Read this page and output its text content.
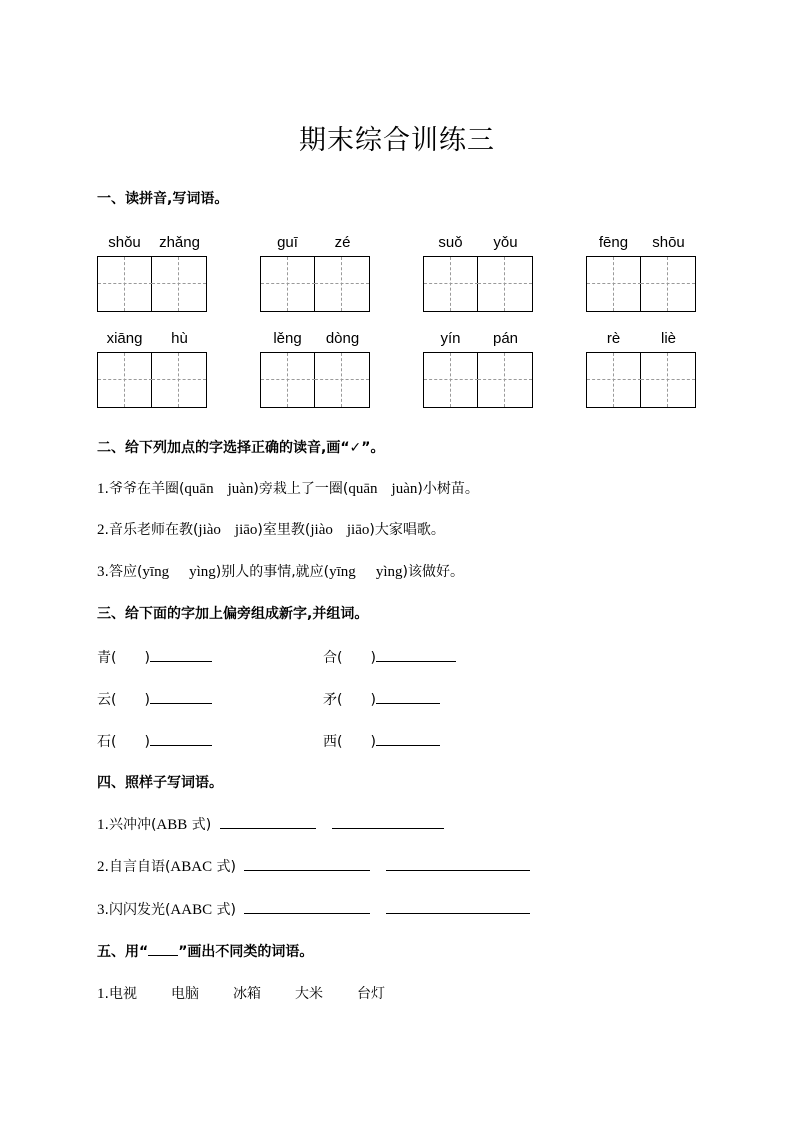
期末综合训练三
一、读拼音,写词语。
shǒu	zhǎng	guī	zé	suǒ	yǒu	fēng	shōu
xiāng	hù	lěng	dòng	yín	pán	rè	liè
二、给下列加点的字选择正确的读音,画“✓”。
1.爷爷在羊圈(quān juàn)旁栽上了一圈(quān juàn)小树苗。
2.音乐老师在教(jiào jiāo)室里教(jiào jiāo)大家唱歌。
3.答应(yīng yìng)别人的事情,就应(yīng yìng)该做好。
三、给下面的字加上偏旁组成新字,并组词。
青( )	合( )
云( )	矛( )
石( )	西( )
四、照样子写词语。
1.兴冲冲(ABB 式)
2.自言自语(ABAC 式)
3.闪闪发光(AABC 式)
五、用“ ”画出不同类的词语。
1.电视 电脑 冰箱 大米 台灯
